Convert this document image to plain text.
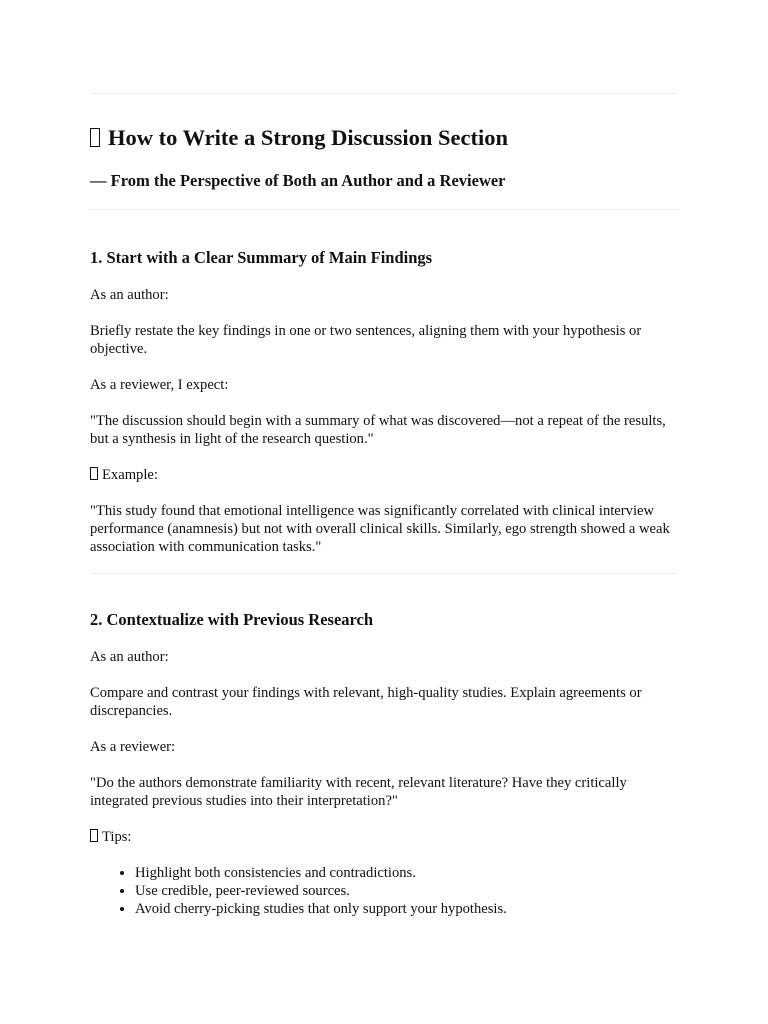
How to Write a Strong Discussion Section
— From the Perspective of Both an Author and a Reviewer
1. Start with a Clear Summary of Main Findings

As an author:

Briefly restate the key findings in one or two sentences, aligning them with your hypothesis or objective.

As a reviewer, I expect:

"The discussion should begin with a summary of what was discovered—not a repeat of the results, but a synthesis in light of the research question."

Example:

"This study found that emotional intelligence was significantly correlated with clinical interview performance (anamnesis) but not with overall clinical skills. Similarly, ego strength showed a weak association with communication tasks."

2. Contextualize with Previous Research

As an author:

Compare and contrast your findings with relevant, high-quality studies. Explain agreements or discrepancies.

As a reviewer:

"Do the authors demonstrate familiarity with recent, relevant literature? Have they critically integrated previous studies into their interpretation?"

Tips:

• Highlight both consistencies and contradictions.
• Use credible, peer-reviewed sources.
• Avoid cherry-picking studies that only support your hypothesis.
